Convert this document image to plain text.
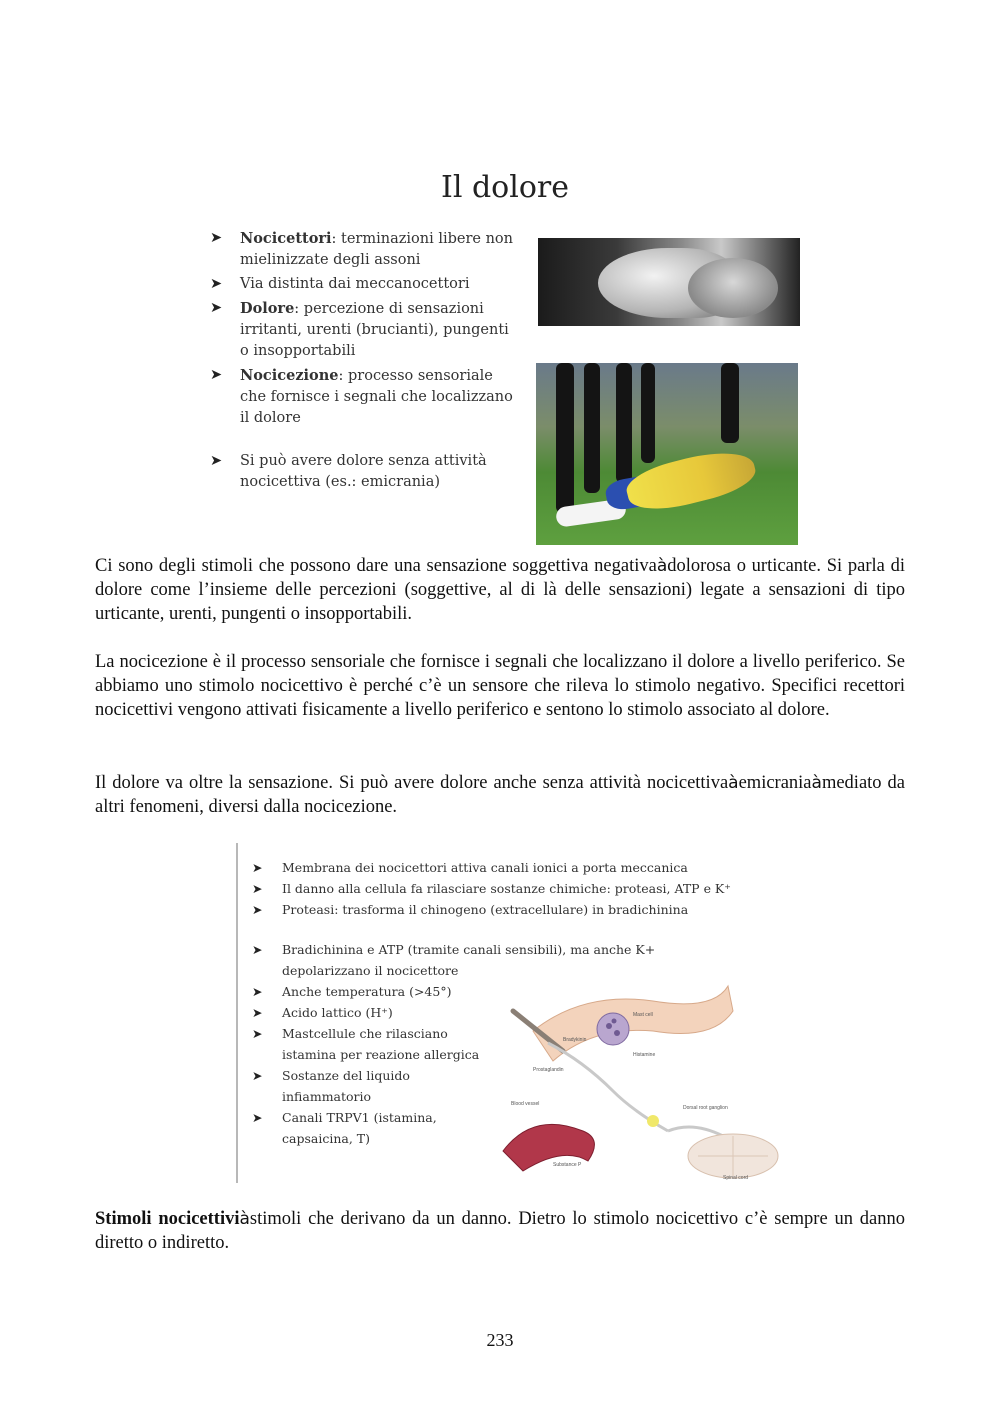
Il dolore
➤ Nocicettori: terminazioni libere non mielinizzate degli assoni
➤ Via distinta dai meccanocettori
➤ Dolore: percezione di sensazioni irritanti, urenti (brucianti), pungenti o insopportabili
➤ Nocicezione: processo sensoriale che fornisce i segnali che localizzano il dolore
➤ Si può avere dolore senza attività nocicettiva (es.: emicrania)

Ci sono degli stimoli che possono dare una sensazione soggettiva negativaàdolorosa o urticante. Si parla di dolore come l’insieme delle percezioni (soggettive, al di là delle sensazioni) legate a sensazioni di tipo urticante, urenti, pungenti o insopportabili.

La nocicezione è il processo sensoriale che fornisce i segnali che localizzano il dolore a livello periferico. Se abbiamo uno stimolo nocicettivo è perché c’è un sensore che rileva lo stimolo negativo. Specifici recettori nocicettivi vengono attivati fisicamente a livello periferico e sentono lo stimolo associato al dolore.

Il dolore va oltre la sensazione. Si può avere dolore anche senza attività nocicettivaàemicraniaàmediato da altri fenomeni, diversi dalla nocicezione.

➤ Membrana dei nocicettori attiva canali ionici a porta meccanica
➤ Il danno alla cellula fa rilasciare sostanze chimiche: proteasi, ATP e K⁺
➤ Proteasi: trasforma il chinogeno (extracellulare) in bradichinina
➤ Bradichinina e ATP (tramite canali sensibili), ma anche K+ depolarizzano il nocicettore
➤ Anche temperatura (>45°)
➤ Acido lattico (H⁺)
➤ Mastcellule che rilasciano istamina per reazione allergica
➤ Sostanze del liquido infiammatorio
➤ Canali TRPV1 (istamina, capsaicina, T)
Blood vessel
Substance P
Spinal cord
Dorsal root ganglion
Mast cell
Histamine
Bradykinin
Prostaglandin

Stimoli nocicettiviàstimoli che derivano da un danno. Dietro lo stimolo nocicettivo c’è sempre un danno diretto o indiretto.

233
